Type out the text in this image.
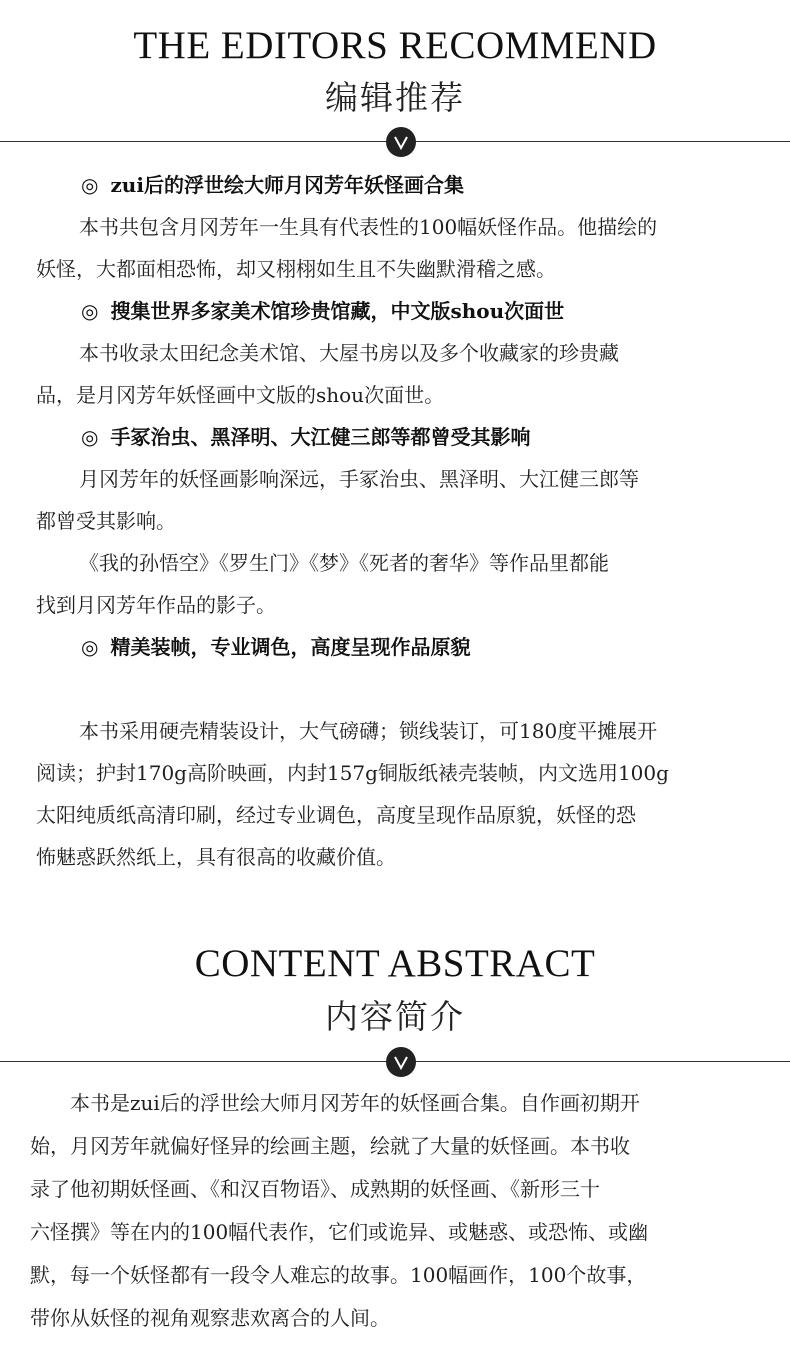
THE EDITORS RECOMMEND
编辑推荐

◎ zui后的浮世绘大师月冈芳年妖怪画合集

本书共包含月冈芳年一生具有代表性的100幅妖怪作品。他描绘的

妖怪，大都面相恐怖，却又栩栩如生且不失幽默滑稽之感。

◎ 搜集世界多家美术馆珍贵馆藏，中文版shou次面世

本书收录太田纪念美术馆、大屋书房以及多个收藏家的珍贵藏

品，是月冈芳年妖怪画中文版的shou次面世。

◎ 手冢治虫、黑泽明、大江健三郎等都曾受其影响

月冈芳年的妖怪画影响深远，手冢治虫、黑泽明、大江健三郎等

都曾受其影响。

《我的孙悟空》《罗生门》《梦》《死者的奢华》等作品里都能

找到月冈芳年作品的影子。

◎ 精美装帧，专业调色，高度呈现作品原貌

本书采用硬壳精装设计，大气磅礴；锁线装订，可180度平摊展开

阅读；护封170g高阶映画，内封157g铜版纸裱壳装帧，内文选用100g

太阳纯质纸高清印刷，经过专业调色，高度呈现作品原貌，妖怪的恐

怖魅惑跃然纸上，具有很高的收藏价值。

CONTENT ABSTRACT
内容简介

本书是zui后的浮世绘大师月冈芳年的妖怪画合集。自作画初期开

始，月冈芳年就偏好怪异的绘画主题，绘就了大量的妖怪画。本书收

录了他初期妖怪画、《和汉百物语》、成熟期的妖怪画、《新形三十

六怪撰》等在内的100幅代表作，它们或诡异、或魅惑、或恐怖、或幽

默，每一个妖怪都有一段令人难忘的故事。100幅画作，100个故事，

带你从妖怪的视角观察悲欢离合的人间。
